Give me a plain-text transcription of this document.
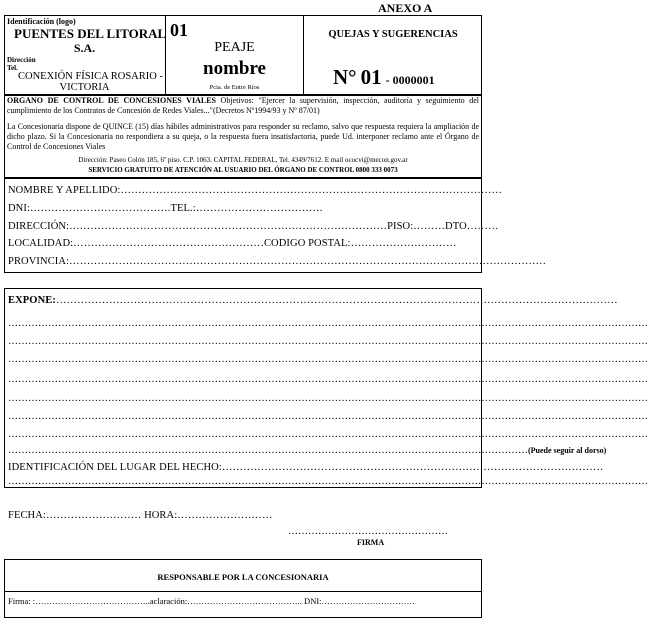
ANEXO A
Identificación (logo)
PUENTES DEL LITORAL
S.A.
Dirección
Tel.
CONEXIÓN FÍSICA ROSARIO -
VICTORIA
01
PEAJE
nombre
Pcia. de Entre Ríos
QUEJAS Y SUGERENCIAS
N° 01 - 0000001
ORGANO DE CONTROL DE CONCESIONES VIALES Objetivos: "Ejercer la supervisión, inspección, auditoría y seguimiento del cumplimiento de los Contratos de Concesión de Redes Viales..."(Decretos Nº1994/93 y Nº 87/01)
La Concesionaria dispone de QUINCE (15) días hábiles administrativos para responder su reclamo, salvo que respuesta requiera la ampliación de dicho plazo. Si la Concesionaria no respondiera a su queja, o la respuesta fuera insatisfactoria, puede Ud. interponer reclamo ante el Órgano de Control de Concesiones Viales
Dirección: Paseo Colón 185, 6º piso. C.P. 1063. CAPITAL FEDERAL, Tel. 4349/7612. E mail ococvi@mecon.gov.ar
SERVICIO GRATUITO DE ATENCIÓN AL USUARIO DEL ÓRGANO DE CONTROL 0800 333 0073
NOMBRE Y APELLIDO:………………………………………………………………………………………………
DNI:………………………………….TEL.:………………………………
DIRECCIÓN:………………………………………………………………………………PISO:………DTO………
LOCALIDAD:………………………………………………CODIGO POSTAL:…………………………
PROVINCIA:………………………………………………………………………………………………………………………
EXPONE:……………………………………………………………………………………………………………………………………………
…………………………………………………………………………………………………………………………………………………………………………
…………………………………………………………………………………………………………………………………………………………………………
…………………………………………………………………………………………………………………………………………………………………………
…………………………………………………………………………………………………………………………………………………………………………
…………………………………………………………………………………………………………………………………………………………………………
…………………………………………………………………………………………………………………………………………………………………………
…………………………………………………………………………………………………………………………………………………………………………
…………………………………………………………………………………………………………………………………………(Puede seguir al dorso)
IDENTIFICACIÓN DEL LUGAR DEL HECHO:………………………………………………………………………………………………
…………………………………………………………………………………………………………………………………………………………………………
FECHA:……………………… HORA:………………………
…………………………………………
FIRMA
RESPONSABLE POR LA CONCESIONARIA
Firma: :…………………………………..aclaración:………………………………….. DNI:……………………………
